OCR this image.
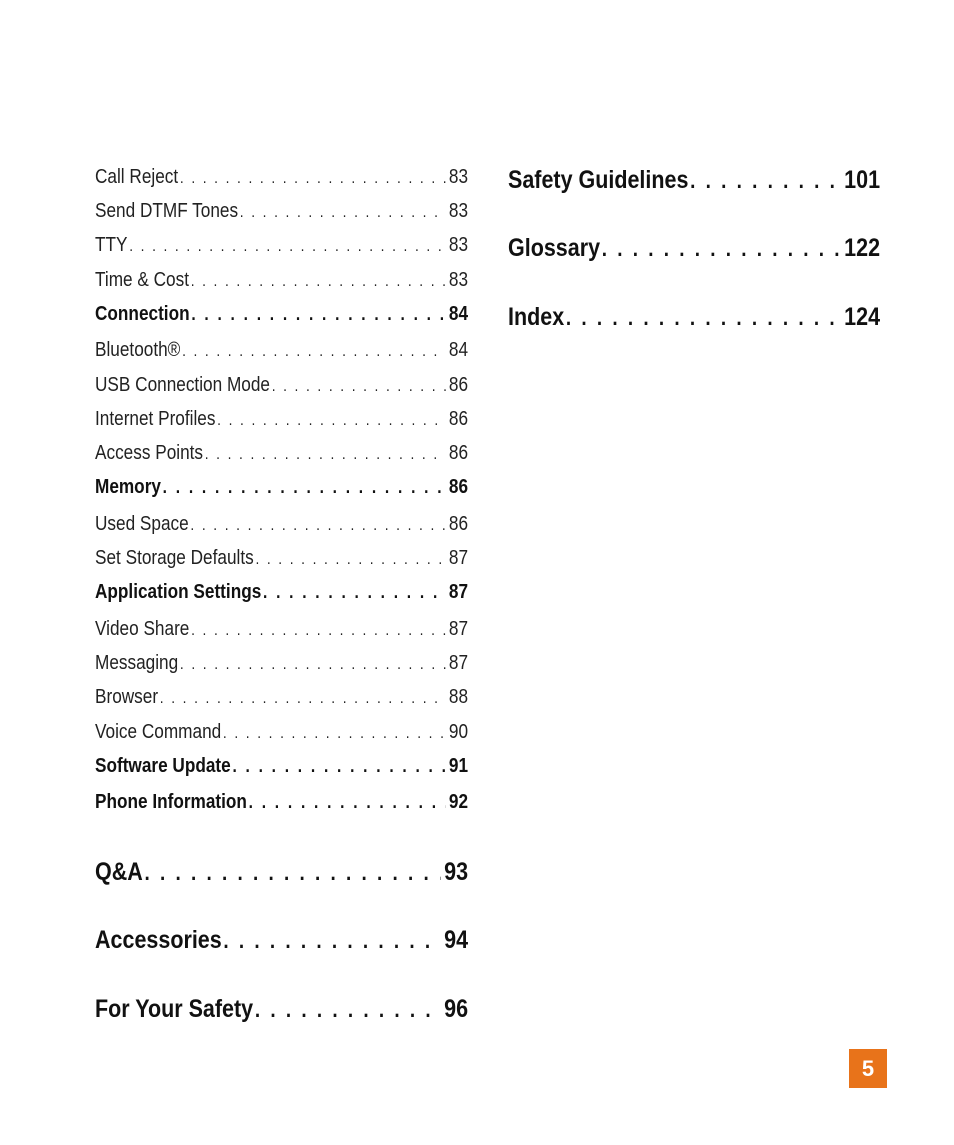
Call Reject . . .	83
Send DTMF Tones . . .	83
TTY . . .	83
Time & Cost . . .	83
Connection . . .	84
Bluetooth® . . .	84
USB Connection Mode . . .	86
Internet Profiles . . .	86
Access Points . . .	86
Memory . . .	86
Used Space . . .	86
Set Storage Defaults . . .	87
Application Settings . . .	87
Video Share . . .	87
Messaging . . .	87
Browser . . .	88
Voice Command . . .	90
Software Update . . .	91
Phone Information . . .	92
Q&A . . .	93
Accessories . . .	94
For Your Safety . . .	96
Safety Guidelines . . .	101
Glossary . . .	122
Index . . .	124
5
